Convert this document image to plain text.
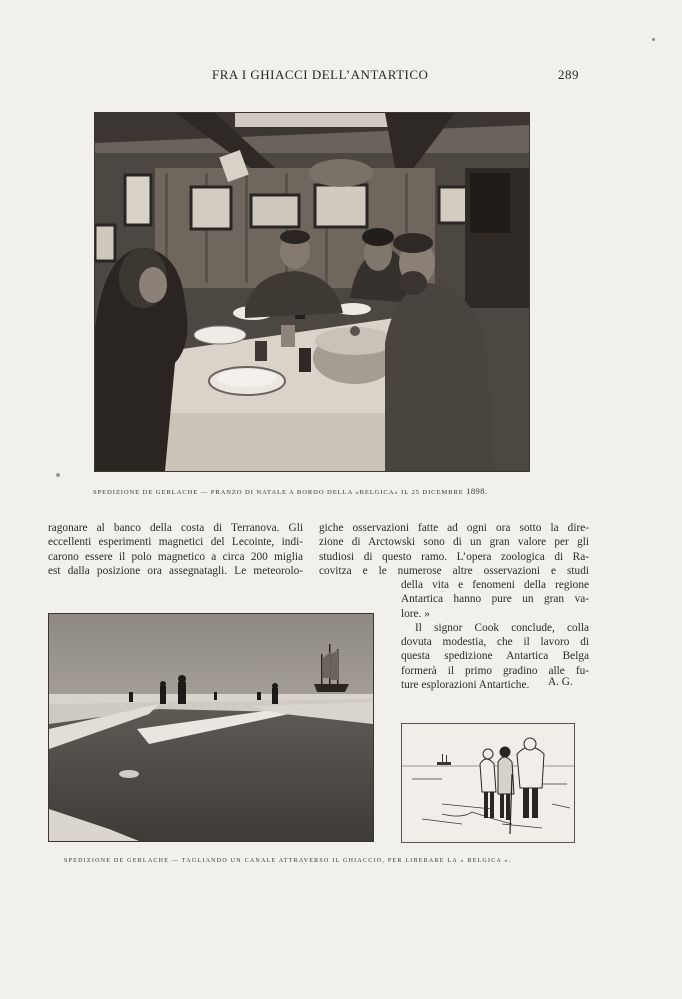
FRA I GHIACCI DELL’ANTARTICO	289
SPEDIZIONE DE GERLACHE — PRANZO DI NATALE A BORDO DELLA «BELGICA» IL 25 DICEMBRE 1898.
ragonare al banco della costa di Terranova. Gli
eccellenti esperimenti magnetici del Lecointe, indi-
carono essere il polo magnetico a circa 200 miglia
est dalla posizione ora assegnatagli. Le meteorolo-
giche osservazioni fatte ad ogni ora sotto la dire-
zione di Arctowski sono di un gran valore per gli
studiosi di questo ramo. L’opera zoologica di Ra-
covitza e le numerose altre osservazioni e studi
della vita e fenomeni della regione
Antartica hanno pure un gran va-
lore. »
Il signor Cook conclude, colla
dovuta modestia, che il lavoro di
questa spedizione Antartica Belga
formerà il primo gradino alle fu-
ture esplorazioni Antartiche.	A. G.
SPEDIZIONE DE GERLACHE — TAGLIANDO UN CANALE ATTRAVERSO IL GHIACCIO, PER LIBERARE LA « BELGICA ».
